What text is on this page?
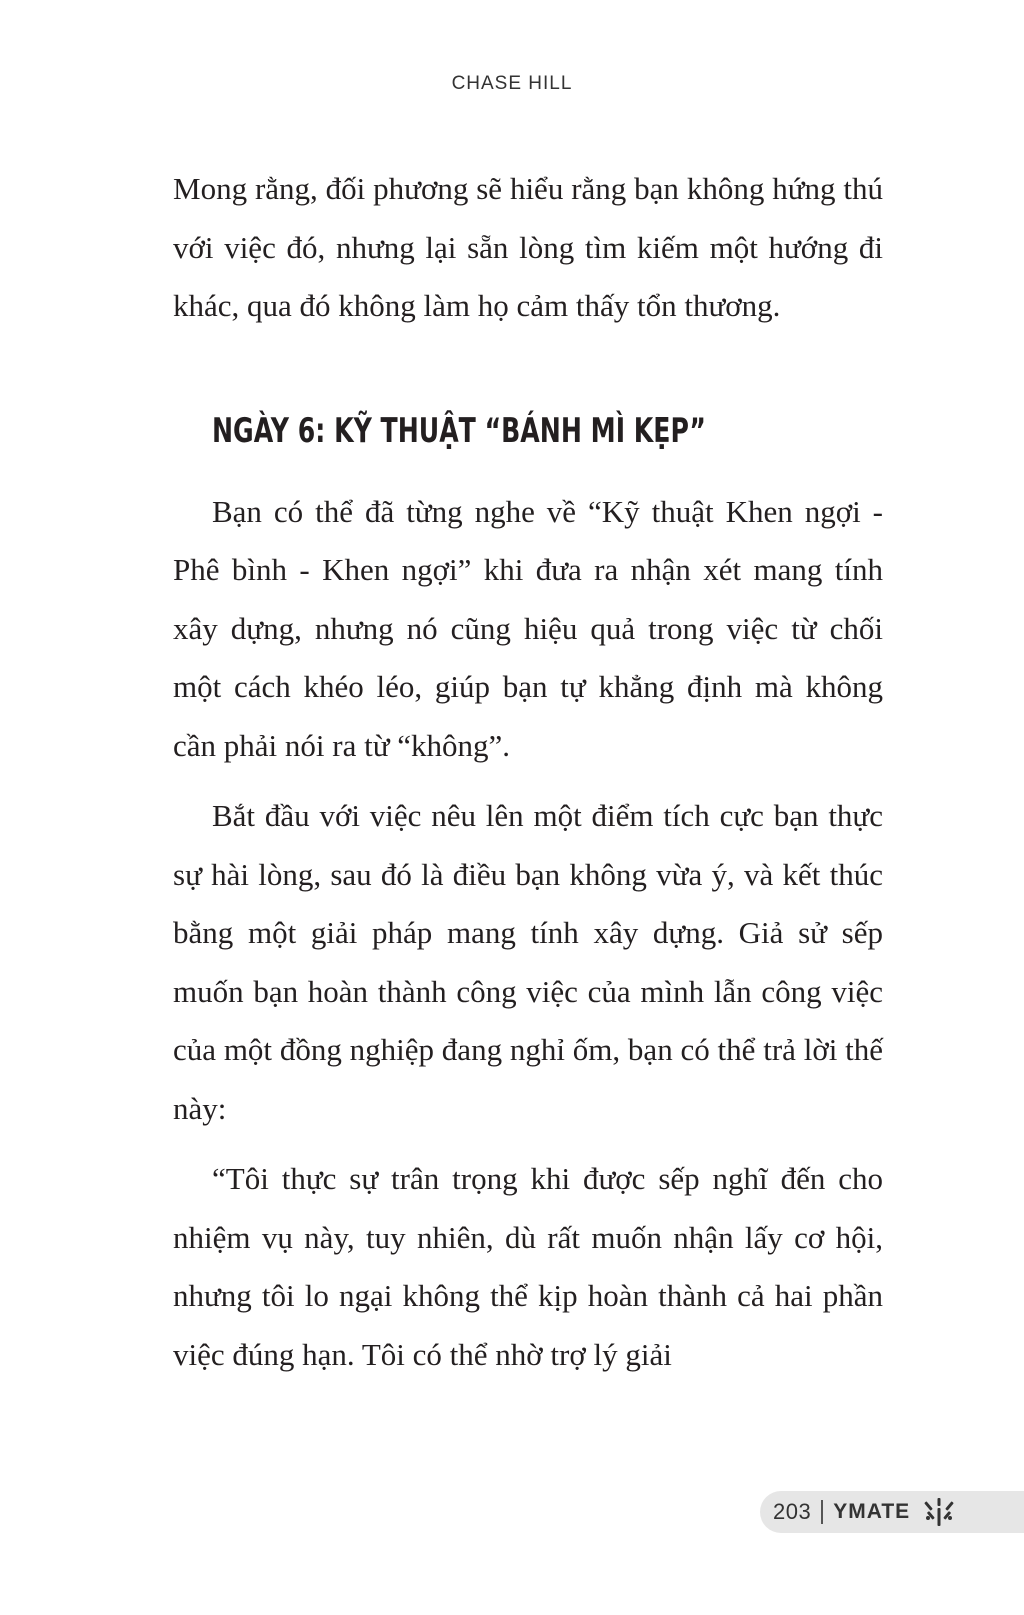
CHASE HILL

Mong rằng, đối phương sẽ hiểu rằng bạn không hứng thú với việc đó, nhưng lại sẵn lòng tìm kiếm một hướng đi khác, qua đó không làm họ cảm thấy tổn thương.

NGÀY 6: KỸ THUẬT “BÁNH MÌ KẸP”

Bạn có thể đã từng nghe về “Kỹ thuật Khen ngợi - Phê bình - Khen ngợi” khi đưa ra nhận xét mang tính xây dựng, nhưng nó cũng hiệu quả trong việc từ chối một cách khéo léo, giúp bạn tự khẳng định mà không cần phải nói ra từ “không”.

Bắt đầu với việc nêu lên một điểm tích cực bạn thực sự hài lòng, sau đó là điều bạn không vừa ý, và kết thúc bằng một giải pháp mang tính xây dựng. Giả sử sếp muốn bạn hoàn thành công việc của mình lẫn công việc của một đồng nghiệp đang nghỉ ốm, bạn có thể trả lời thế này:

“Tôi thực sự trân trọng khi được sếp nghĩ đến cho nhiệm vụ này, tuy nhiên, dù rất muốn nhận lấy cơ hội, nhưng tôi lo ngại không thể kịp hoàn thành cả hai phần việc đúng hạn. Tôi có thể nhờ trợ lý giải

203 YMATE
